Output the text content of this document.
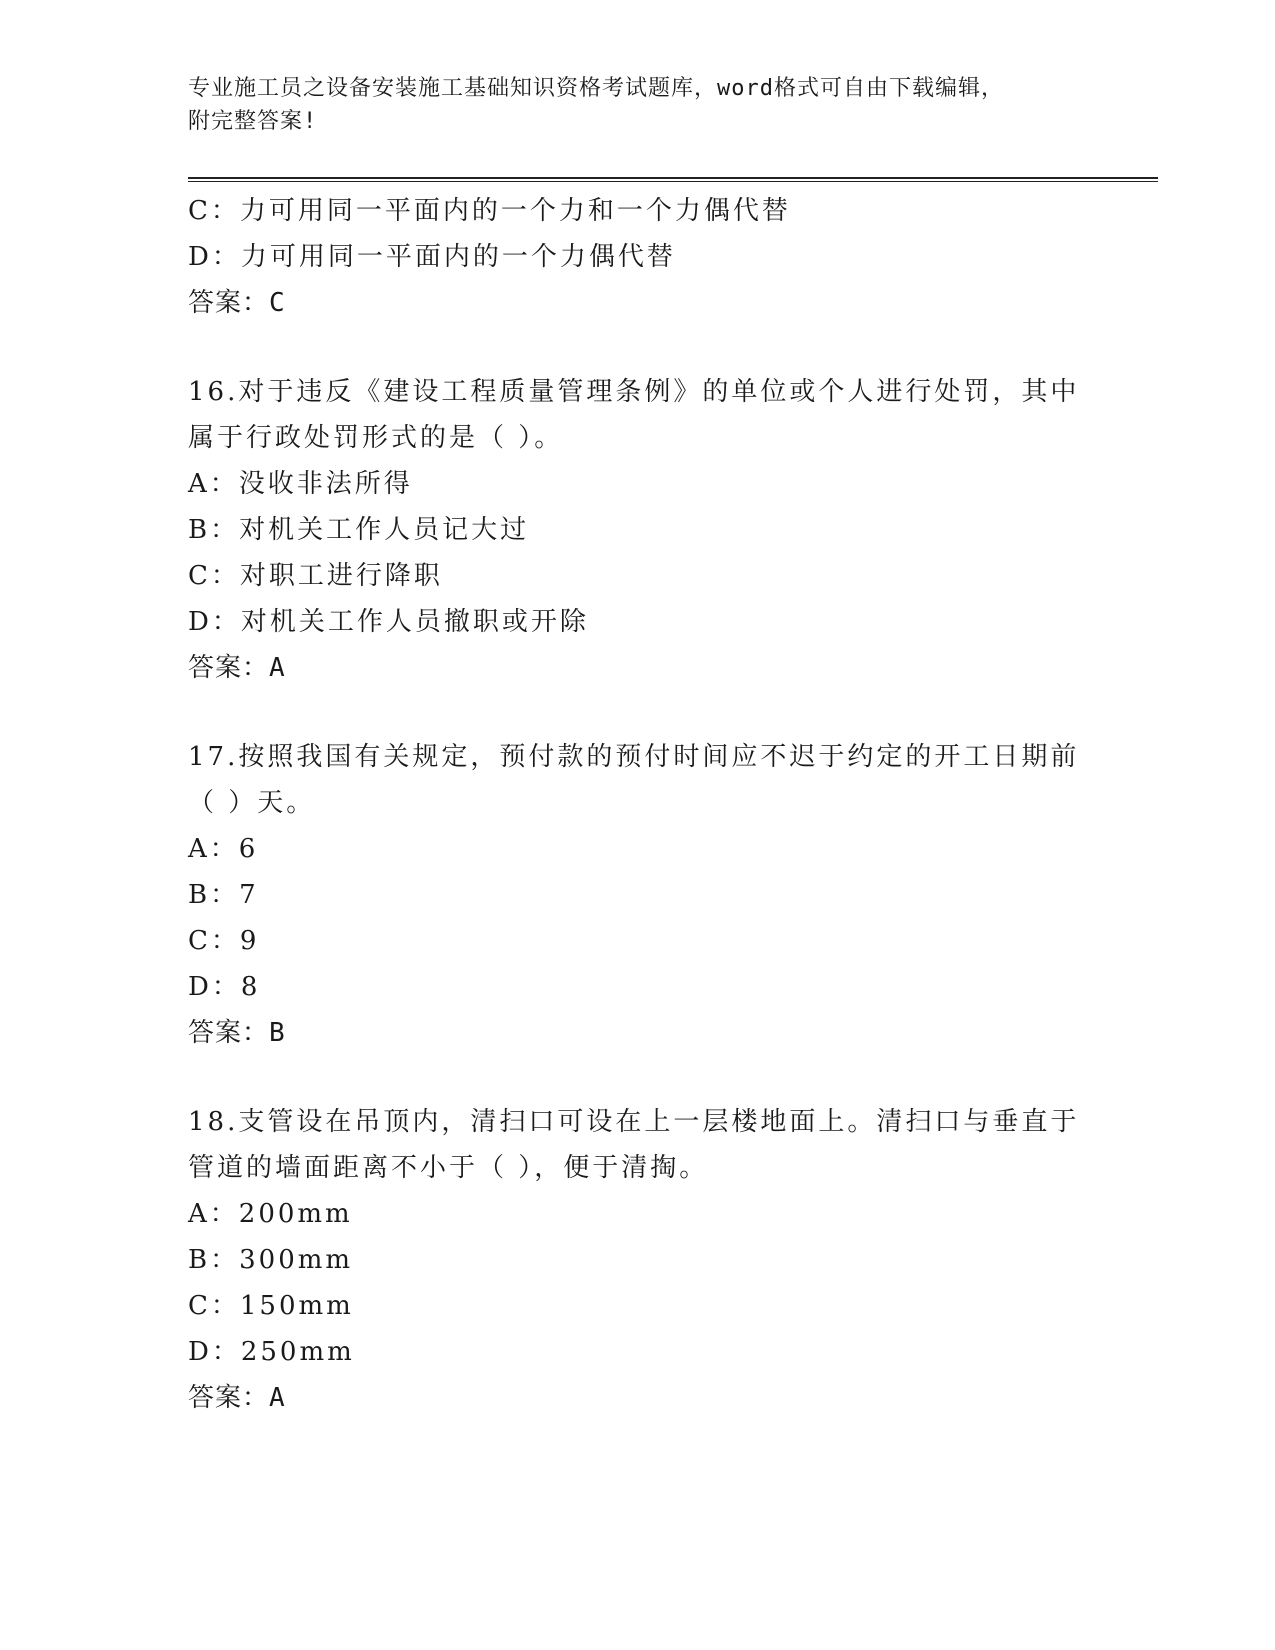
专业施工员之设备安装施工基础知识资格考试题库，word格式可自由下载编辑，
附完整答案!
C：力可用同一平面内的一个力和一个力偶代替
D：力可用同一平面内的一个力偶代替
答案：C
16.对于违反《建设工程质量管理条例》的单位或个人进行处罚，其中
属于行政处罚形式的是（ ）。
A：没收非法所得
B：对机关工作人员记大过
C：对职工进行降职
D：对机关工作人员撤职或开除
答案：A
17.按照我国有关规定，预付款的预付时间应不迟于约定的开工日期前
（ ）天。
A：6
B：7
C：9
D：8
答案：B
18.支管设在吊顶内，清扫口可设在上一层楼地面上。清扫口与垂直于
管道的墙面距离不小于（ ），便于清掏。
A：200mm
B：300mm
C：150mm
D：250mm
答案：A
